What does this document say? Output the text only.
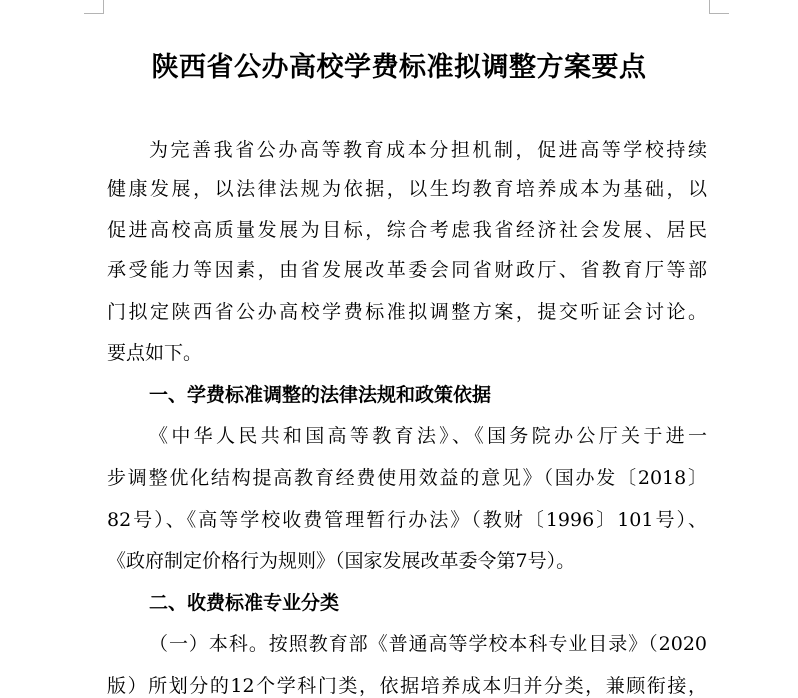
陕西省公办高校学费标准拟调整方案要点
为完善我省公办高等教育成本分担机制，促进高等学校持续
健康发展，以法律法规为依据，以生均教育培养成本为基础，以
促进高校高质量发展为目标，综合考虑我省经济社会发展、居民
承受能力等因素，由省发展改革委会同省财政厅、省教育厅等部
门拟定陕西省公办高校学费标准拟调整方案，提交听证会讨论。
要点如下。
一、学费标准调整的法律法规和政策依据
《中华人民共和国高等教育法》、《国务院办公厅关于进一
步调整优化结构提高教育经费使用效益的意见》（国办发〔2018〕
82号）、《高等学校收费管理暂行办法》（教财〔1996〕101号）、
《政府制定价格行为规则》（国家发展改革委令第7号）。
二、收费标准专业分类
（一）本科。按照教育部《普通高等学校本科专业目录》（2020
版）所划分的12个学科门类，依据培养成本归并分类，兼顾衔接，
